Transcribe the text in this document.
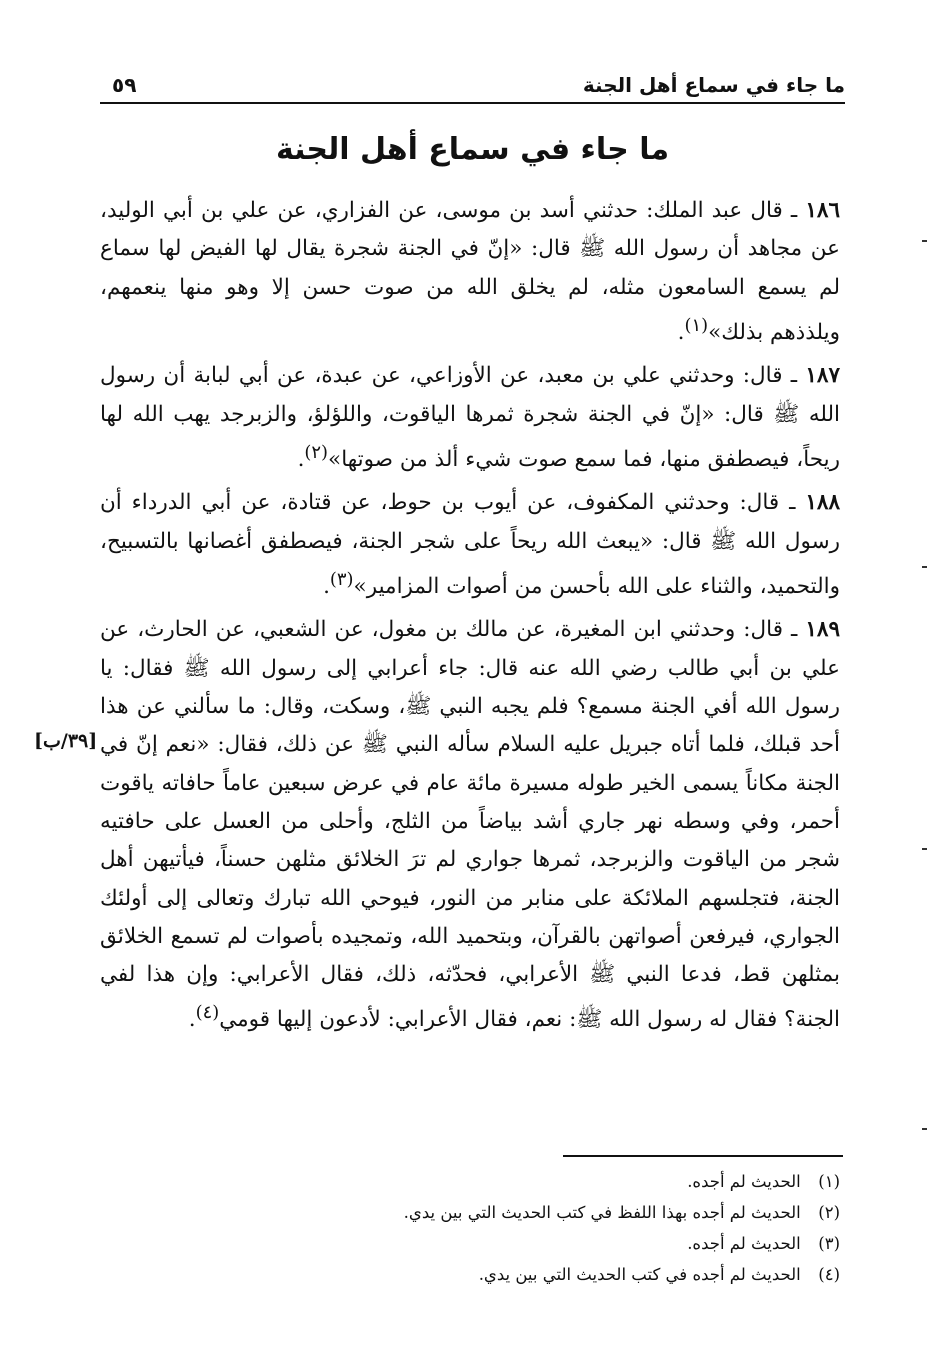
ما جاء في سماع أهل الجنة
٥٩
ما جاء في سماع أهل الجنة

١٨٦ ـ قال عبد الملك: حدثني أسد بن موسى، عن الفزاري، عن علي بن أبي الوليد، عن مجاهد أن رسول الله ﷺ قال: «إنّ في الجنة شجرة يقال لها الفيض لها سماع لم يسمع السامعون مثله، لم يخلق الله من صوت حسن إلا وهو منها ينعمهم، ويلذذهم بذلك»$^{(١)}$.

١٨٧ ـ قال: وحدثني علي بن معبد، عن الأوزاعي، عن عبدة، عن أبي لبابة أن رسول الله ﷺ قال: «إنّ في الجنة شجرة ثمرها الياقوت، واللؤلؤ، والزبرجد يهب الله لها ريحاً، فيصطفق منها، فما سمع صوت شيء ألذ من صوتها»$^{(٢)}$.

١٨٨ ـ قال: وحدثني المكفوف، عن أيوب بن حوط، عن قتادة، عن أبي الدرداء أن رسول الله ﷺ قال: «يبعث الله ريحاً على شجر الجنة، فيصطفق أغصانها بالتسبيح، والتحميد، والثناء على الله بأحسن من أصوات المزامير»$^{(٣)}$.

١٨٩ ـ قال: وحدثني ابن المغيرة، عن مالك بن مغول، عن الشعبي، عن الحارث، عن علي بن أبي طالب رضي الله عنه قال: جاء أعرابي إلى رسول الله ﷺ فقال: يا رسول الله أفي الجنة مسمع؟ فلم يجبه النبي ﷺ، وسكت، وقال: ما سألني عن هذا أحد قبلك، فلما أتاه جبريل عليه السلام سأله النبي ﷺ عن ذلك، فقال: «نعم إنّ في الجنة مكاناً يسمى الخير طوله مسيرة مائة عام في عرض سبعين عاماً حافاته ياقوت أحمر، وفي وسطه نهر جاري أشد بياضاً من الثلج، وأحلى من العسل على حافتيه شجر من الياقوت والزبرجد، ثمرها جواري لم ترَ الخلائق مثلهن حسناً، فيأتيهن أهل الجنة، فتجلسهم الملائكة على منابر من النور، فيوحي الله تبارك وتعالى إلى أولئك الجواري، فيرفعن أصواتهن بالقرآن، وبتحميد الله، وتمجيده بأصوات لم تسمع الخلائق بمثلهن قط، فدعا النبي ﷺ الأعرابي، فحدّثه، ذلك، فقال الأعرابي: وإن هذا لفي الجنة؟ فقال له رسول الله ﷺ: نعم، فقال الأعرابي: لأدعون إليها قومي$^{(٤)}$.

[٣٩/ب]
(١) الحديث لم أجده.
(٢) الحديث لم أجده بهذا اللفظ في كتب الحديث التي بين يدي.
(٣) الحديث لم أجده.
(٤) الحديث لم أجده في كتب الحديث التي بين يدي.
